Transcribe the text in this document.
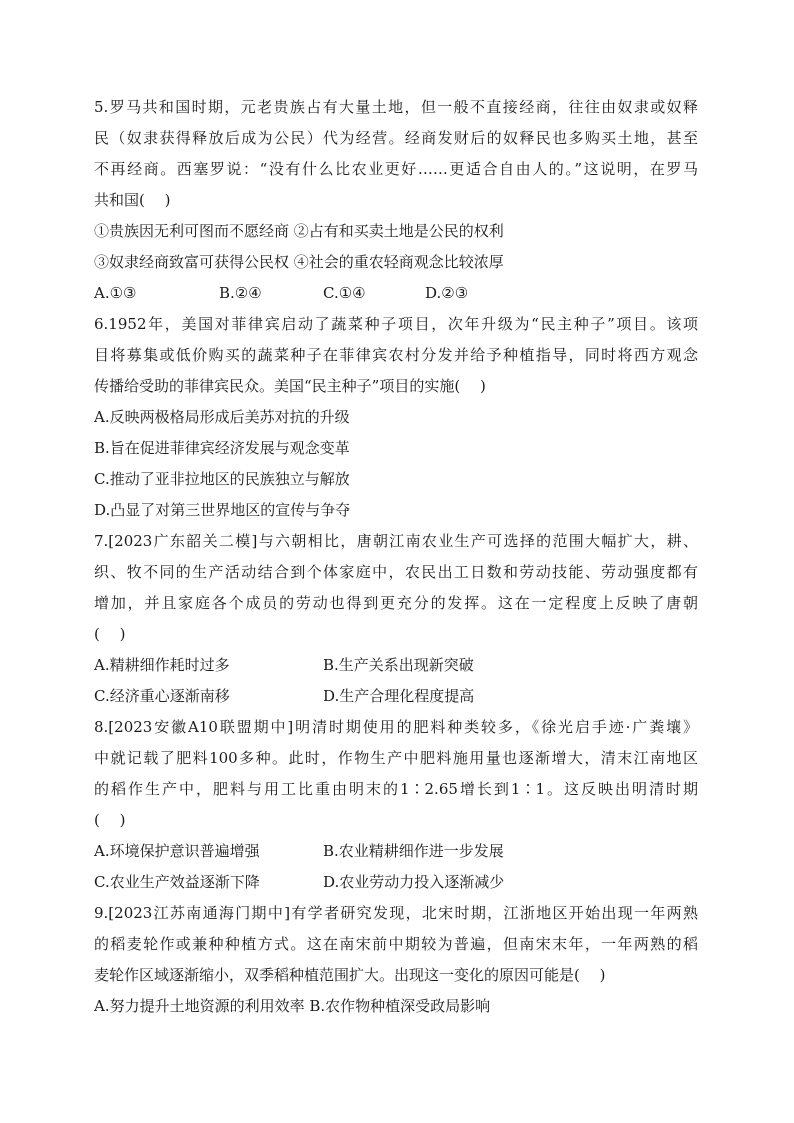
5.罗马共和国时期，元老贵族占有大量土地，但一般不直接经商，往往由奴隶或奴释
民（奴隶获得释放后成为公民）代为经营。经商发财后的奴释民也多购买土地，甚至
不再经商。西塞罗说：“没有什么比农业更好……更适合自由人的。”这说明，在罗马
共和国(　 )
①贵族因无利可图而不愿经商 ②占有和买卖土地是公民的权利
③奴隶经商致富可获得公民权 ④社会的重农轻商观念比较浓厚
A.①③	B.②④	C.①④	D.②③
6.1952年，美国对菲律宾启动了蔬菜种子项目，次年升级为“民主种子”项目。该项
目将募集或低价购买的蔬菜种子在菲律宾农村分发并给予种植指导，同时将西方观念
传播给受助的菲律宾民众。美国“民主种子”项目的实施(　 )
A.反映两极格局形成后美苏对抗的升级
B.旨在促进菲律宾经济发展与观念变革
C.推动了亚非拉地区的民族独立与解放
D.凸显了对第三世界地区的宣传与争夺
7.[2023广东韶关二模]与六朝相比，唐朝江南农业生产可选择的范围大幅扩大，耕、
织、牧不同的生产活动结合到个体家庭中，农民出工日数和劳动技能、劳动强度都有
增加，并且家庭各个成员的劳动也得到更充分的发挥。这在一定程度上反映了唐朝
(　 )
A.精耕细作耗时过多	B.生产关系出现新突破
C.经济重心逐渐南移	D.生产合理化程度提高
8.[2023安徽A10联盟期中]明清时期使用的肥料种类较多，《徐光启手迹·广粪壤》
中就记载了肥料100多种。此时，作物生产中肥料施用量也逐渐增大，清末江南地区
的稻作生产中，肥料与用工比重由明末的1∶2.65增长到1∶1。这反映出明清时期
(　 )
A.环境保护意识普遍增强	B.农业精耕细作进一步发展
C.农业生产效益逐渐下降	D.农业劳动力投入逐渐减少
9.[2023江苏南通海门期中]有学者研究发现，北宋时期，江浙地区开始出现一年两熟
的稻麦轮作或兼种种植方式。这在南宋前中期较为普遍，但南宋末年，一年两熟的稻
麦轮作区域逐渐缩小，双季稻种植范围扩大。出现这一变化的原因可能是(　 )
A.努力提升土地资源的利用效率 B.农作物种植深受政局影响
